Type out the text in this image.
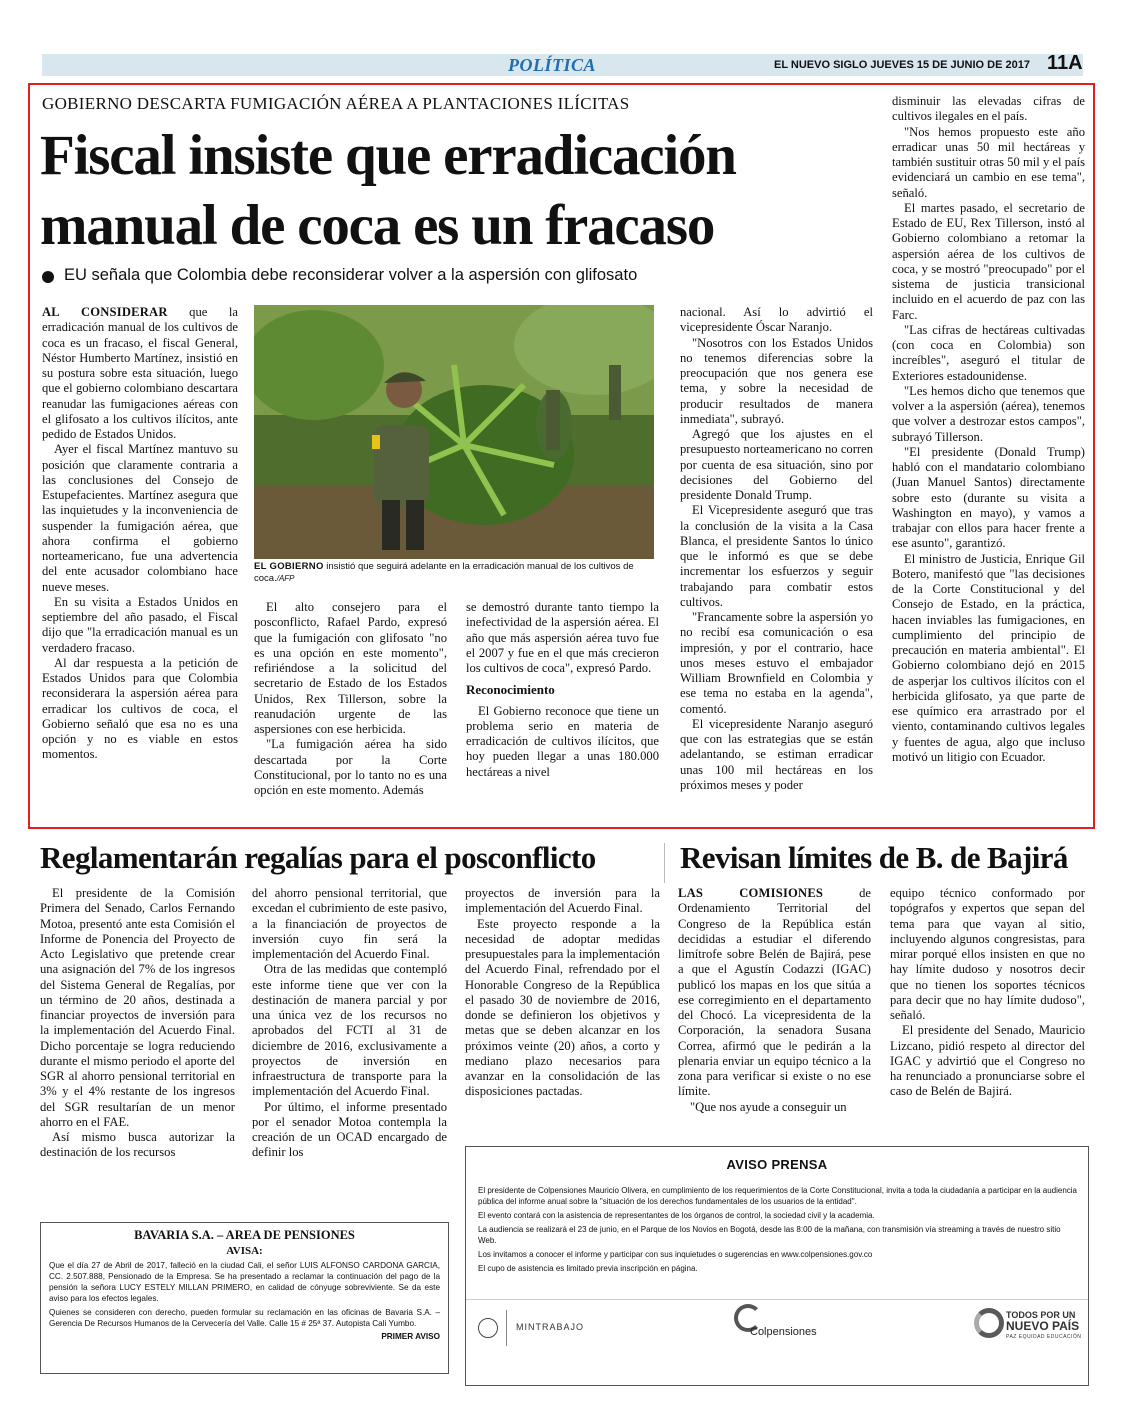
POLÍTICA	EL NUEVO SIGLO JUEVES 15 DE JUNIO DE 2017 11A
GOBIERNO DESCARTA FUMIGACIÓN AÉREA A PLANTACIONES ILÍCITAS
Fiscal insiste que erradicación manual de coca es un fracaso
EU señala que Colombia debe reconsiderar volver a la aspersión con glifosato

AL CONSIDERAR que la erradicación manual de los cultivos de coca es un fracaso, el fiscal General, Néstor Humberto Martínez, insistió en su postura sobre esta situación, luego que el gobierno colombiano descartara reanudar las fumigaciones aéreas con el glifosato a los cultivos ilícitos, ante pedido de Estados Unidos.

Ayer el fiscal Martínez mantuvo su posición que claramente contraria a las conclusiones del Consejo de Estupefacientes. Martínez asegura que las inquietudes y la inconveniencia de suspender la fumigación aérea, que ahora confirma el gobierno norteamericano, fue una advertencia del ente acusador colombiano hace nueve meses.

En su visita a Estados Unidos en septiembre del año pasado, el Fiscal dijo que "la erradicación manual es un verdadero fracaso.

Al dar respuesta a la petición de Estados Unidos para que Colombia reconsiderara la aspersión aérea para erradicar los cultivos de coca, el Gobierno señaló que esa no es una opción y no es viable en estos momentos.

EL GOBIERNO insistió que seguirá adelante en la erradicación manual de los cultivos de coca./AFP

El alto consejero para el posconflicto, Rafael Pardo, expresó que la fumigación con glifosato "no es una opción en este momento", refiriéndose a la solicitud del secretario de Estado de los Estados Unidos, Rex Tillerson, sobre la reanudación urgente de las aspersiones con ese herbicida.

"La fumigación aérea ha sido descartada por la Corte Constitucional, por lo tanto no es una opción en este momento. Además

se demostró durante tanto tiempo la inefectividad de la aspersión aérea. El año que más aspersión aérea tuvo fue el 2007 y fue en el que más crecieron los cultivos de coca", expresó Pardo.

Reconocimiento

El Gobierno reconoce que tiene un problema serio en materia de erradicación de cultivos ilícitos, que hoy pueden llegar a unas 180.000 hectáreas a nivel

nacional. Así lo advirtió el vicepresidente Óscar Naranjo.

"Nosotros con los Estados Unidos no tenemos diferencias sobre la preocupación que nos genera ese tema, y sobre la necesidad de producir resultados de manera inmediata", subrayó.

Agregó que los ajustes en el presupuesto norteamericano no corren por cuenta de esa situación, sino por decisiones del Gobierno del presidente Donald Trump.

El Vicepresidente aseguró que tras la conclusión de la visita a la Casa Blanca, el presidente Santos lo único que le informó es que se debe incrementar los esfuerzos y seguir trabajando para combatir estos cultivos.

"Francamente sobre la aspersión yo no recibí esa comunicación o esa impresión, y por el contrario, hace unos meses estuvo el embajador William Brownfield en Colombia y ese tema no estaba en la agenda", comentó.

El vicepresidente Naranjo aseguró que con las estrategias que se están adelantando, se estiman erradicar unas 100 mil hectáreas en los próximos meses y poder

disminuir las elevadas cifras de cultivos ilegales en el país.

"Nos hemos propuesto este año erradicar unas 50 mil hectáreas y también sustituir otras 50 mil y el país evidenciará un cambio en ese tema", señaló.

El martes pasado, el secretario de Estado de EU, Rex Tillerson, instó al Gobierno colombiano a retomar la aspersión aérea de los cultivos de coca, y se mostró "preocupado" por el sistema de justicia transicional incluido en el acuerdo de paz con las Farc.

"Las cifras de hectáreas cultivadas (con coca en Colombia) son increíbles", aseguró el titular de Exteriores estadounidense.

"Les hemos dicho que tenemos que volver a la aspersión (aérea), tenemos que volver a destrozar estos campos", subrayó Tillerson.

"El presidente (Donald Trump) habló con el mandatario colombiano (Juan Manuel Santos) directamente sobre esto (durante su visita a Washington en mayo), y vamos a trabajar con ellos para hacer frente a ese asunto", garantizó.

El ministro de Justicia, Enrique Gil Botero, manifestó que "las decisiones de la Corte Constitucional y del Consejo de Estado, en la práctica, hacen inviables las fumigaciones, en cumplimiento del principio de precaución en materia ambiental". El Gobierno colombiano dejó en 2015 de asperjar los cultivos ilícitos con el herbicida glifosato, ya que parte de ese químico era arrastrado por el viento, contaminando cultivos legales y fuentes de agua, algo que incluso motivó un litigio con Ecuador.

Reglamentarán regalías para el posconflicto

El presidente de la Comisión Primera del Senado, Carlos Fernando Motoa, presentó ante esta Comisión el Informe de Ponencia del Proyecto de Acto Legislativo que pretende crear una asignación del 7% de los ingresos del Sistema General de Regalías, por un término de 20 años, destinada a financiar proyectos de inversión para la implementación del Acuerdo Final. Dicho porcentaje se logra reduciendo durante el mismo periodo el aporte del SGR al ahorro pensional territorial en 3% y el 4% restante de los ingresos del SGR resultarían de un menor ahorro en el FAE.

Así mismo busca autorizar la destinación de los recursos

del ahorro pensional territorial, que excedan el cubrimiento de este pasivo, a la financiación de proyectos de inversión cuyo fin será la implementación del Acuerdo Final.

Otra de las medidas que contempló este informe tiene que ver con la destinación de manera parcial y por una única vez de los recursos no aprobados del FCTI al 31 de diciembre de 2016, exclusivamente a proyectos de inversión en infraestructura de transporte para la implementación del Acuerdo Final.

Por último, el informe presentado por el senador Motoa contempla la creación de un OCAD encargado de definir los

proyectos de inversión para la implementación del Acuerdo Final.

Este proyecto responde a la necesidad de adoptar medidas presupuestales para la implementación del Acuerdo Final, refrendado por el Honorable Congreso de la República el pasado 30 de noviembre de 2016, donde se definieron los objetivos y metas que se deben alcanzar en los próximos veinte (20) años, a corto y mediano plazo necesarios para avanzar en la consolidación de las disposiciones pactadas.

Revisan límites de B. de Bajirá

LAS COMISIONES de Ordenamiento Territorial del Congreso de la República están decididas a estudiar el diferendo limítrofe sobre Belén de Bajirá, pese a que el Agustín Codazzi (IGAC) publicó los mapas en los que sitúa a ese corregimiento en el departamento del Chocó. La vicepresidenta de la Corporación, la senadora Susana Correa, afirmó que le pedirán a la plenaria enviar un equipo técnico a la zona para verificar si existe o no ese límite.

"Que nos ayude a conseguir un

equipo técnico conformado por topógrafos y expertos que sepan del tema para que vayan al sitio, incluyendo algunos congresistas, para mirar porqué ellos insisten en que no hay límite dudoso y nosotros decir que no tienen los soportes técnicos para decir que no hay límite dudoso", señaló.

El presidente del Senado, Mauricio Lizcano, pidió respeto al director del IGAC y advirtió que el Congreso no ha renunciado a pronunciarse sobre el caso de Belén de Bajirá.

BAVARIA S.A. – AREA DE PENSIONES
AVISA:
Que el día 27 de Abril de 2017, falleció en la ciudad Cali, el señor LUIS ALFONSO CARDONA GARCIA, CC. 2.507.888, Pensionado de la Empresa. Se ha presentado a reclamar la continuación del pago de la pensión la señora LUCY ESTELY MILLAN PRIMERO, en calidad de cónyuge sobreviviente. Se da este aviso para los efectos legales.
Quienes se consideren con derecho, pueden formular su reclamación en las oficinas de Bavaria S.A. – Gerencia De Recursos Humanos de la Cervecería del Valle. Calle 15 # 25ª 37. Autopista Cali Yumbo.
PRIMER AVISO
AVISO PRENSA

El presidente de Colpensiones Mauricio Olivera, en cumplimiento de los requerimientos de la Corte Constitucional, invita a toda la ciudadanía a participar en la audiencia pública del informe anual sobre la "situación de los derechos fundamentales de los usuarios de la entidad".

El evento contará con la asistencia de representantes de los órganos de control, la sociedad civil y la academia.

La audiencia se realizará el 23 de junio, en el Parque de los Novios en Bogotá, desde las 8:00 de la mañana, con transmisión vía streaming a través de nuestro sitio Web.

Los invitamos a conocer el informe y participar con sus inquietudes o sugerencias en www.colpensiones.gov.co

El cupo de asistencia es limitado previa inscripción en página.

MINTRABAJO	Colpensiones
TODOS POR UN
NUEVO PAÍS
PAZ EQUIDAD EDUCACIÓN
